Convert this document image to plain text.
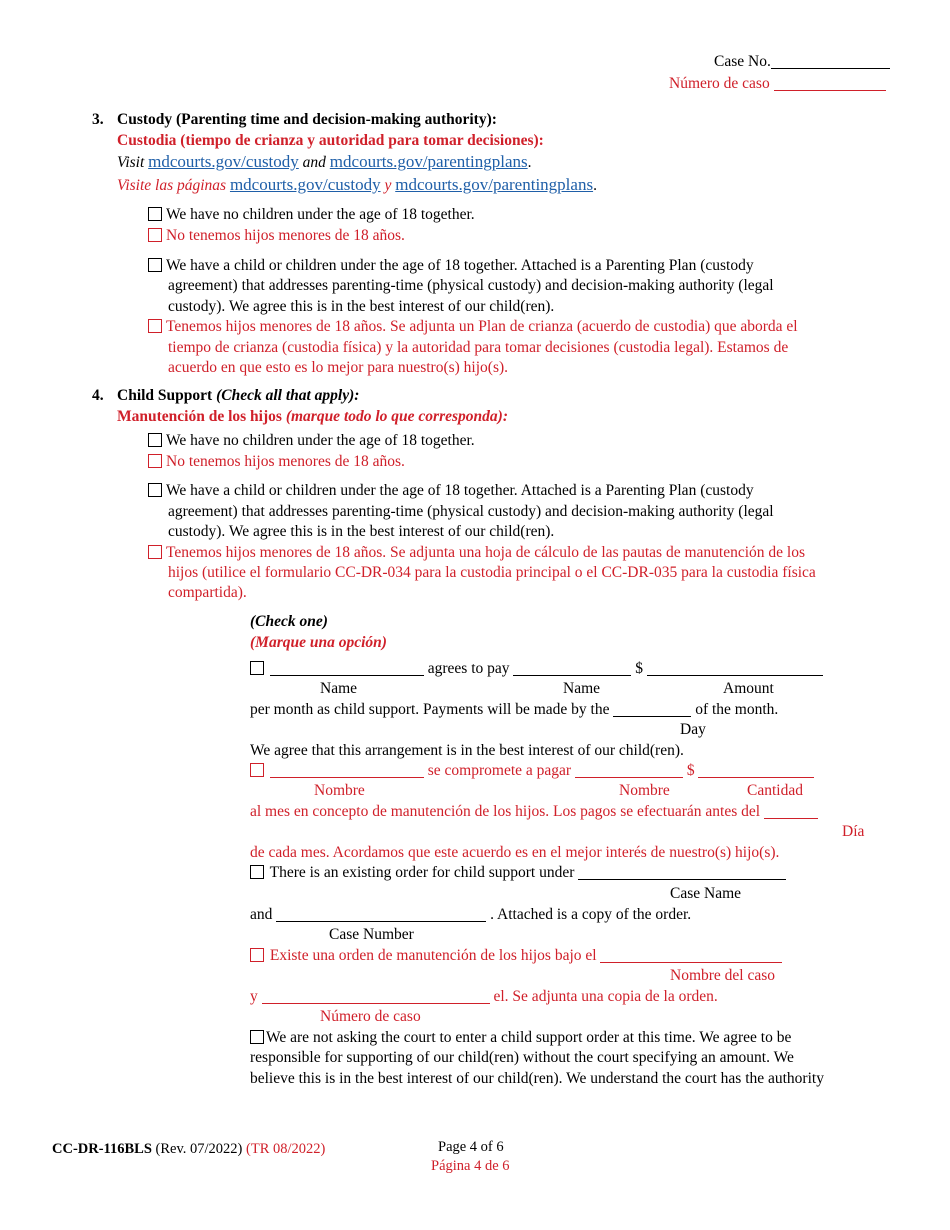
Case No.
Número de caso
3. Custody (Parenting time and decision-making authority):
Custodia (tiempo de crianza y autoridad para tomar decisiones):
Visit mdcourts.gov/custody and mdcourts.gov/parentingplans.
Visite las páginas mdcourts.gov/custody y mdcourts.gov/parentingplans.
We have no children under the age of 18 together.
No tenemos hijos menores de 18 años.
We have a child or children under the age of 18 together. Attached is a Parenting Plan (custody
agreement) that addresses parenting-time (physical custody) and decision-making authority (legal
custody). We agree this is in the best interest of our child(ren).
Tenemos hijos menores de 18 años. Se adjunta un Plan de crianza (acuerdo de custodia) que aborda el
tiempo de crianza (custodia física) y la autoridad para tomar decisiones (custodia legal). Estamos de
acuerdo en que esto es lo mejor para nuestro(s) hijo(s).
4. Child Support (Check all that apply):
Manutención de los hijos (marque todo lo que corresponda):
We have no children under the age of 18 together.
No tenemos hijos menores de 18 años.
We have a child or children under the age of 18 together. Attached is a Parenting Plan (custody
agreement) that addresses parenting-time (physical custody) and decision-making authority (legal
custody). We agree this is in the best interest of our child(ren).
Tenemos hijos menores de 18 años. Se adjunta una hoja de cálculo de las pautas de manutención de los
hijos (utilice el formulario CC-DR-034 para la custodia principal o el CC-DR-035 para la custodia física
compartida).
(Check one)
(Marque una opción)
agrees to pay	$
Name	Name	Amount
per month as child support. Payments will be made by the	of the month.
Day
We agree that this arrangement is in the best interest of our child(ren).
se compromete a pagar	$
Nombre	Nombre	Cantidad
al mes en concepto de manutención de los hijos. Los pagos se efectuarán antes del
Día
de cada mes. Acordamos que este acuerdo es en el mejor interés de nuestro(s) hijo(s).
There is an existing order for child support under
Case Name
and	. Attached is a copy of the order.
Case Number
Existe una orden de manutención de los hijos bajo el
Nombre del caso
y	el. Se adjunta una copia de la orden.
Número de caso
We are not asking the court to enter a child support order at this time. We agree to be
responsible for supporting of our child(ren) without the court specifying an amount. We
believe this is in the best interest of our child(ren). We understand the court has the authority
CC-DR-116BLS (Rev. 07/2022) (TR 08/2022)	Page 4 of 6
Página 4 de 6
